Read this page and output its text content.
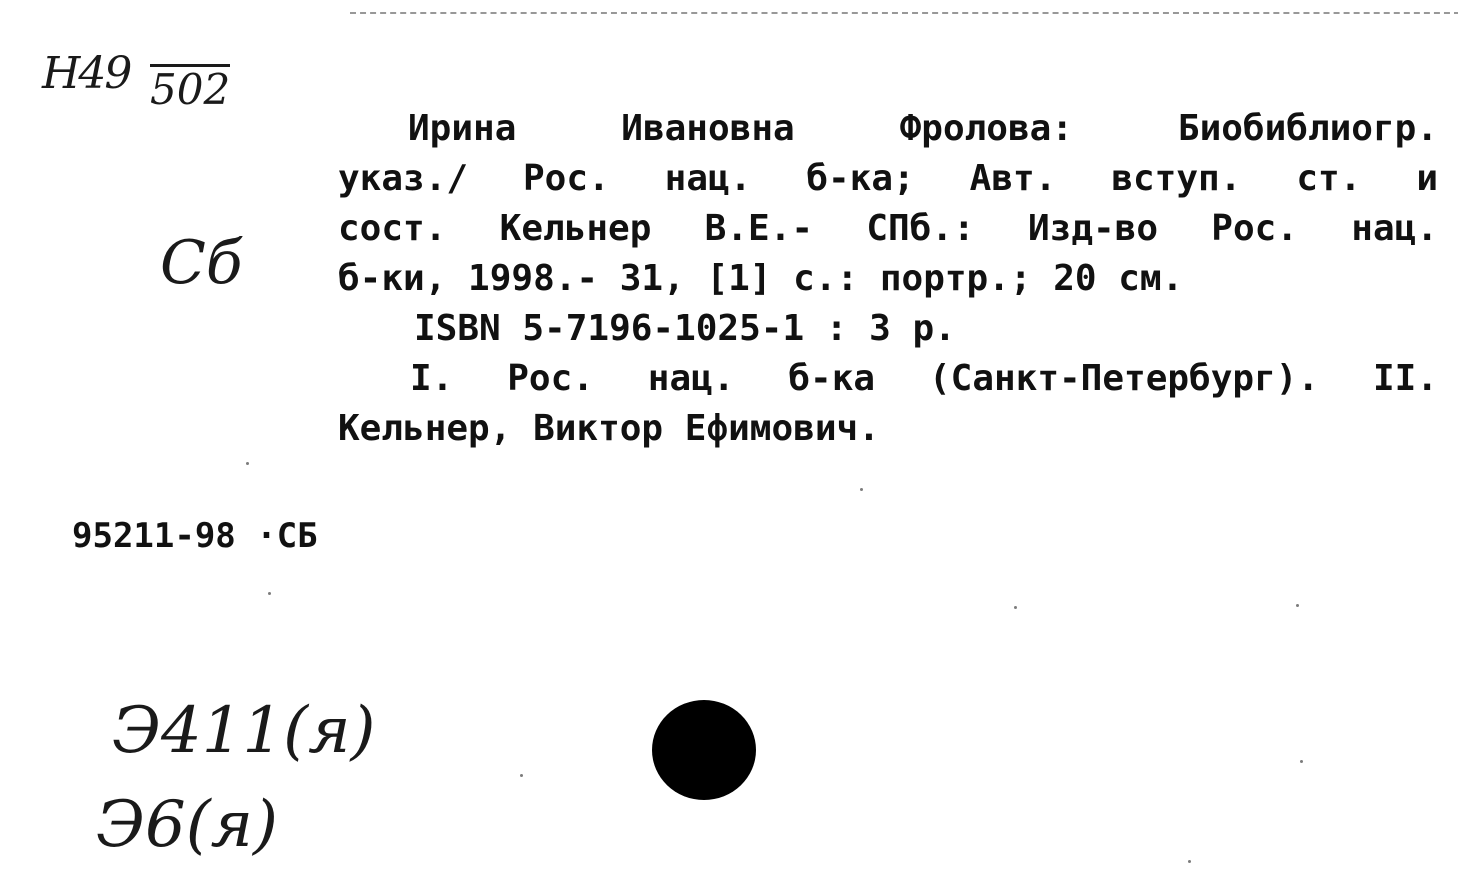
Н49 502
Сб
Ирина Ивановна Фролова: Биобиблиогр.
указ./ Рос. нац. б-ка; Авт. вступ. ст. и
сост. Кельнер В.Е.- СПб.: Изд-во Рос. нац.
б-ки, 1998.- 31, [1] с.: портр.; 20 см.
ISBN 5-7196-1025-1 : 3 р.
I. Рос. нац. б-ка (Санкт-Петербург). II.
Кельнер, Виктор Ефимович.
95211-98 ·СБ
Э411(я)
Э6(я)
